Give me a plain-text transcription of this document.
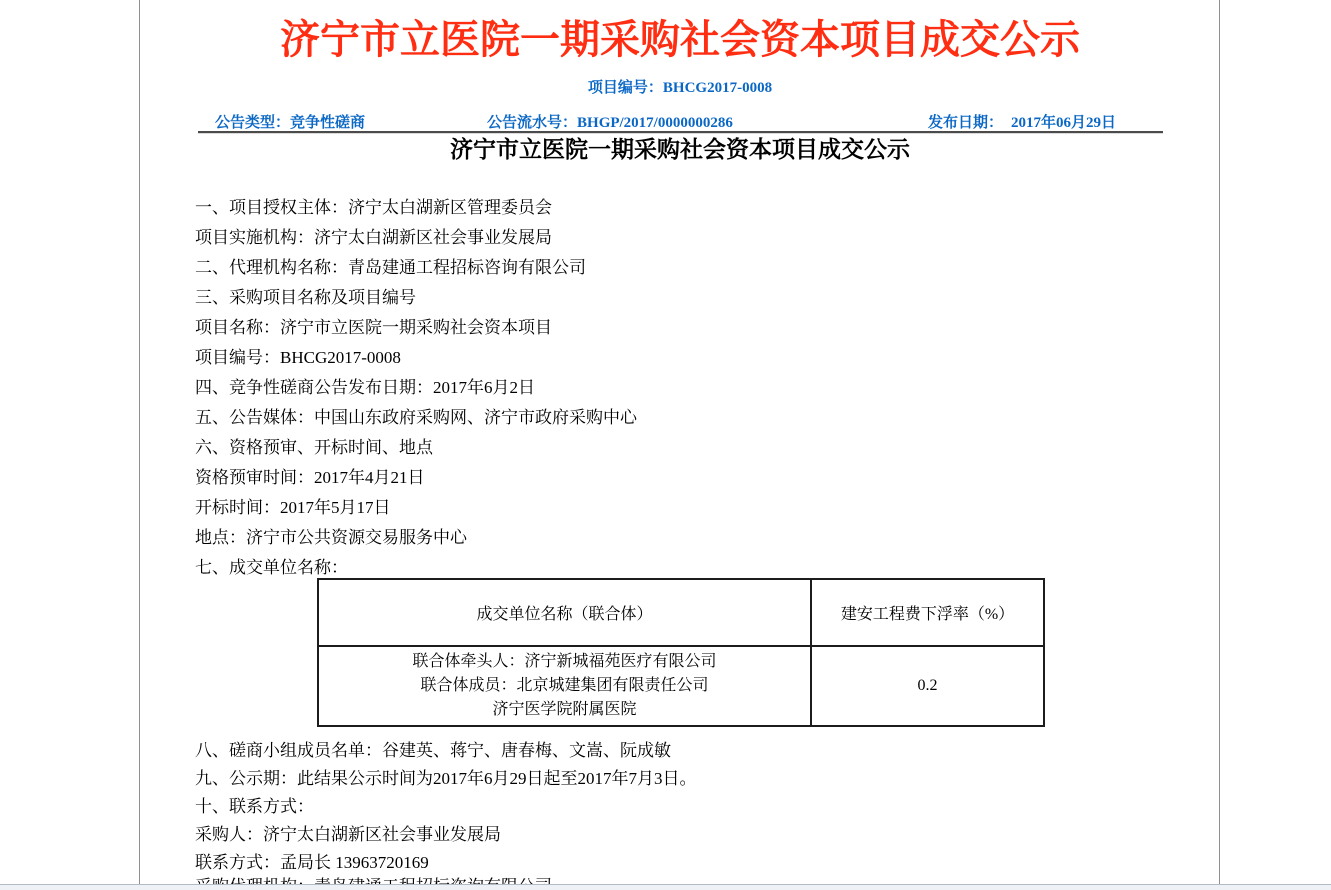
济宁市立医院一期采购社会资本项目成交公示
项目编号：BHCG2017-0008
公告类型：竞争性磋商	公告流水号：BHGP/2017/0000000286	发布日期： 2017年06月29日
济宁市立医院一期采购社会资本项目成交公示

一、项目授权主体：济宁太白湖新区管理委员会

项目实施机构：济宁太白湖新区社会事业发展局

二、代理机构名称：青岛建通工程招标咨询有限公司

三、采购项目名称及项目编号

项目名称：济宁市立医院一期采购社会资本项目

项目编号：BHCG2017-0008

四、竞争性磋商公告发布日期：2017年6月2日

五、公告媒体：中国山东政府采购网、济宁市政府采购中心

六、资格预审、开标时间、地点

资格预审时间：2017年4月21日

开标时间：2017年5月17日

地点：济宁市公共资源交易服务中心

七、成交单位名称：

成交单位名称（联合体）	建安工程费下浮率（%）

联合体牵头人：济宁新城福苑医疗有限公司
联合体成员：北京城建集团有限责任公司
济宁医学院附属医院	0.2

八、磋商小组成员名单：谷建英、蒋宁、唐春梅、文嵩、阮成敏

九、公示期：此结果公示时间为2017年6月29日起至2017年7月3日。

十、联系方式：

采购人：济宁太白湖新区社会事业发展局

联系方式：孟局长 13963720169
